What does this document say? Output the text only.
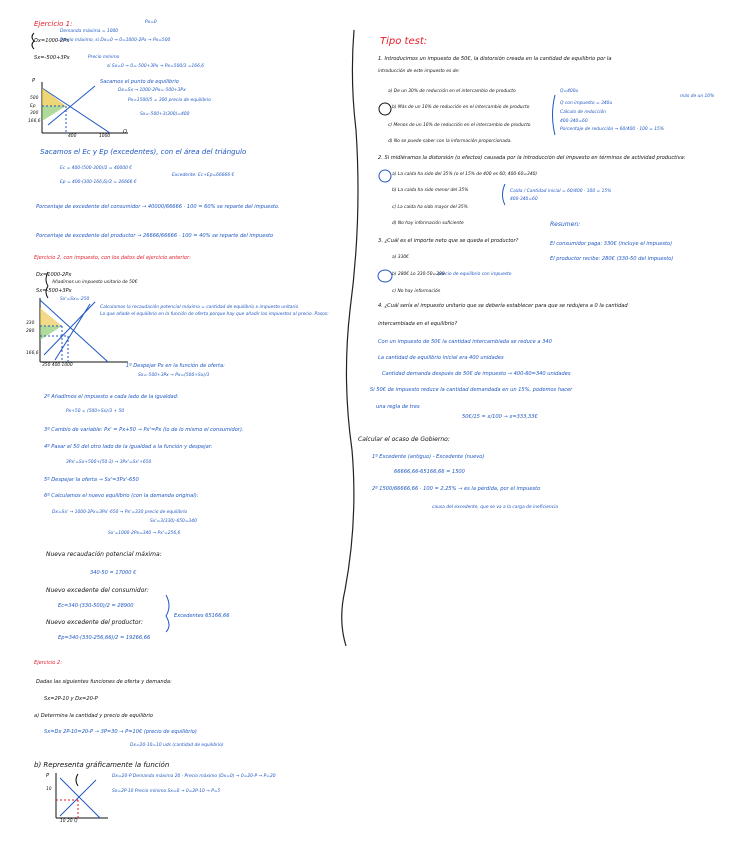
Ejercicio 1:	Px=0
Demanda máxima = 1000
Dx=1000-2Px
Precio máximo, si Dx=0 → 0=1000-2Px → Px=500
Sx=-500+3Px	Precio mínimo
si Sx=0 → 0=-500+3Px → Px=500/3 =166,6
Sacamos el punto de equilibrio
Dx=Sx → 1000-2Px=-500+3Px
Px=1500/5 = 300 precio de equilibrio
Sx=-500+3(300)=400
P
500
Ep
300
166,6
400	1000
Q
Sacamos el Ec y Ep (excedentes), con el área del triángulo
Ec = 400·(500-300)/2 = 40000 €
Ep = 400·(300-166,6)/2 = 26666 €
Excedente: Ec+Ep=66666 €
Porcentaje de excedente del consumidor → 40000/66666 · 100 = 60% se reparte del impuesto.
Porcentaje de excedente del productor → 26666/66666 · 100 = 40% se reparte del impuesto
Ejercicio 2, con impuesto, con los datos del ejercicio anterior:
Dx=1000-2Px
Añadimos un impuesto unitario de 50€
Sx=-500+3Px
Sx'=Sx=-250
Calculamos la recaudación potencial máxima = cantidad de equilibrio x impuesto unitario
Lo que añade el equilibrio en la función de oferta porque hay que añadir los impuestos al precio. Pasos:
330
280
166,6
350 400 1000	1º Despejar Px en la función de oferta:
Sx=-500+3Px → Px=(500+Sx)/3
2º Añadimos el impuesto a cada lado de la igualdad:
Px+50 = (500+Sx)/3 + 50
3º Cambio de variable: Px' = Px+50 → Px'=Px (lo de lo mismo el consumidor).
4º Pasar el 50 del otro lado de la igualdad a la función y despejar:
3Px'=Sx+500+(50·3) → 3Px'=Sx'+650
5º Despejar la oferta → Sx'=3Px'-650
6º Calculamos el nuevo equilibrio (con la demanda original):
Dx=Sx' → 1000-2Px=3Px'-650 → Px'=330 precio de equilibrio
Sx'=3(330)-650=340
Sx'=1000-2Px=340 → Px'=256,6
Nueva recaudación potencial máxima:
340·50 = 17000 €
Nuevo excedente del consumidor:
Ec=340·(330-500)/2 = 28900
Nuevo excedente del productor:
Ep=340·(330-256,66)/2 = 19266,66
Excedentes 65166,66
Ejercicio 2:
Dadas las siguientes funciones de oferta y demanda:
Sx=2P-10 y Dx=20-P
a) Determina la cantidad y precio de equilibrio
Sx=Dx 2P-10=20-P → 3P=30 → P=10€ (precio de equilibrio)
Dx=20-10=10 uds (cantidad de equilibrio)
b) Representa gráficamente la función
P
10
Dx=20-P Demanda máxima 20 · Precio máximo (Dx=0) → 0=20-P → P=20
Sx=2P-10 Precio mínimo Sx=0 → 0=2P-10 → P=5
10 20 Q
Tipo test:
1. Introducimos un impuesto de 50€, la distorsión creada en la cantidad de equilibrio por la
introducción de este impuesto es de:
a) De un 30% de reducción en el intercambio de producto
b) Más de un 10% de reducción en el intercambio de producto
c) Menos de un 10% de reducción en el intercambio de producto
d) No se puede saber con la información proporcionada.
Q=400u
Q con impuesto = 340u
Cálculo de reducción
400-340=60
Porcentaje de reducción → 60/400 · 100 = 15%
más de un 10%
2. Si midiéramos la distorsión (o efectos) causada por la introducción del impuesto en términos de actividad productiva:
a) La caída ha sido del 35% (o el 15% de 400 es 60; 400-60=340)
b) La caída ha sido menor del 35%
c) La caída ha sido mayor del 35%
d) No hay información suficiente
Caída / Cantidad inicial = 60/400 · 100 = 15%
400-340=60
3. ¿Cuál es el importe neto que se queda el productor?
a) 330€
b) 280€ Lo 330-50=280
c) No hay información
precio de equilibrio con impuesto
Resumen:
El consumidor paga: 330€ (incluye el impuesto)
El productor recibe: 280€ (330-50 del impuesto)
4. ¿Cuál sería el impuesto unitario que se debería establecer para que se redujera a 0 la cantidad
intercambiada en el equilibrio?
Con un impuesto de 50€ la cantidad intercambiada se reduce a 340
La cantidad de equilibrio inicial era 400 unidades
Cantidad demanda después de 50€ de impuesto → 400-60=340 unidades
Si 50€ de impuesto reduce la cantidad demandada en un 15%, podemos hacer
una regla de tres
50€/15 = x/100 → x=333,33€
Calcular el ocaso de Gobierno:
1º Excedente (antiguo) - Excedente (nuevo)
66666,66-65166,66 = 1500
2º 1500/66666,66 · 100 = 2,25% → es la pérdida, por el impuesto
causa del excedente, que se va a la carga de ineficiencia
